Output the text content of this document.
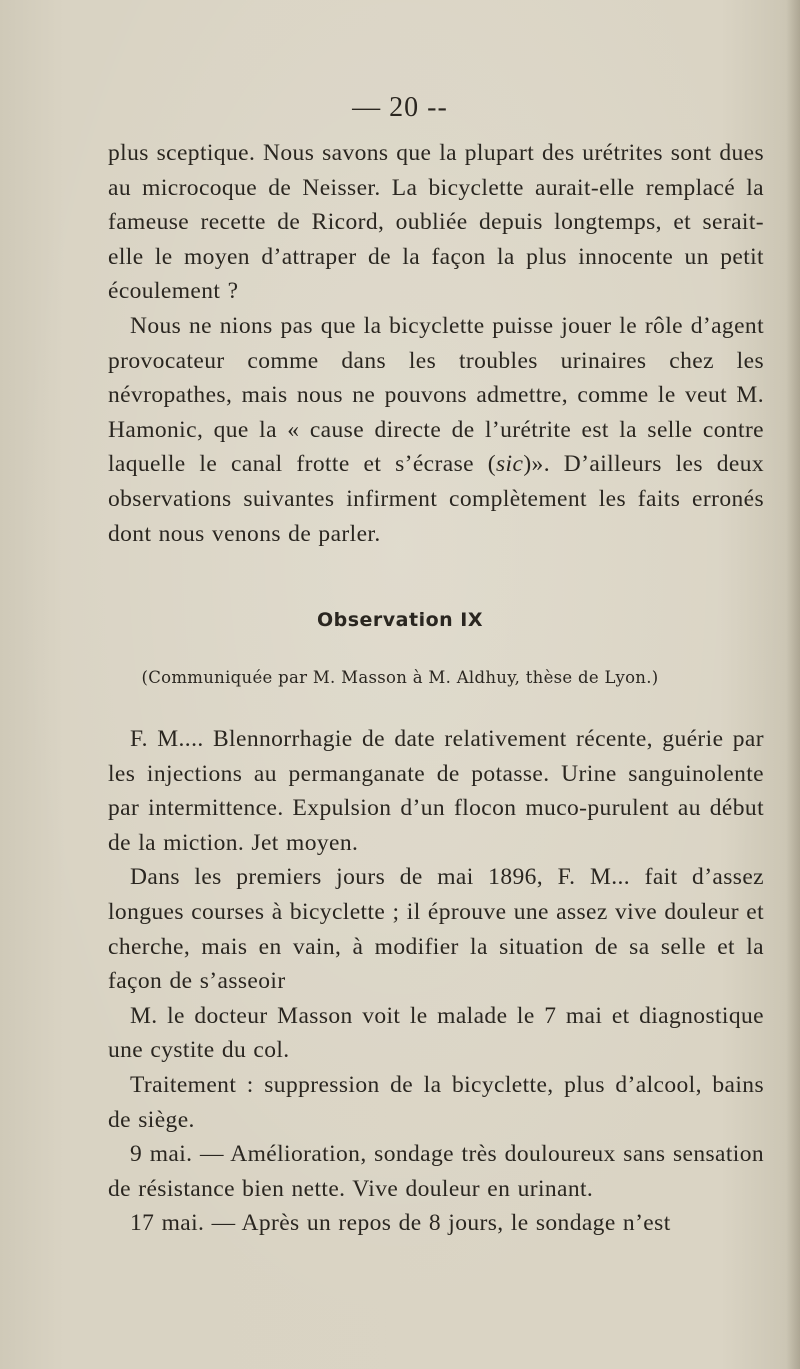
— 20 --

plus sceptique. Nous savons que la plupart des urétrites sont dues au microcoque de Neisser. La bicyclette aurait-elle remplacé la fameuse recette de Ricord, oubliée depuis longtemps, et serait-elle le moyen d’attraper de la façon la plus innocente un petit écoulement ?

Nous ne nions pas que la bicyclette puisse jouer le rôle d’agent provocateur comme dans les troubles urinaires chez les névropathes, mais nous ne pouvons admettre, comme le veut M. Hamonic, que la « cause directe de l’urétrite est la selle contre laquelle le canal frotte et s’écrase (sic)». D’ailleurs les deux observations suivantes infirment complètement les faits erronés dont nous venons de parler.

Observation IX
(Communiquée par M. Masson à M. Aldhuy, thèse de Lyon.)

F. M.... Blennorrhagie de date relativement récente, guérie par les injections au permanganate de potasse. Urine sanguinolente par intermittence. Expulsion d’un flocon muco-purulent au début de la miction. Jet moyen.

Dans les premiers jours de mai 1896, F. M... fait d’assez longues courses à bicyclette ; il éprouve une assez vive douleur et cherche, mais en vain, à modifier la situation de sa selle et la façon de s’asseoir

M. le docteur Masson voit le malade le 7 mai et diagnostique une cystite du col.

Traitement : suppression de la bicyclette, plus d’alcool, bains de siège.

9 mai. — Amélioration, sondage très douloureux sans sensation de résistance bien nette. Vive douleur en urinant.

17 mai. — Après un repos de 8 jours, le sondage n’est
